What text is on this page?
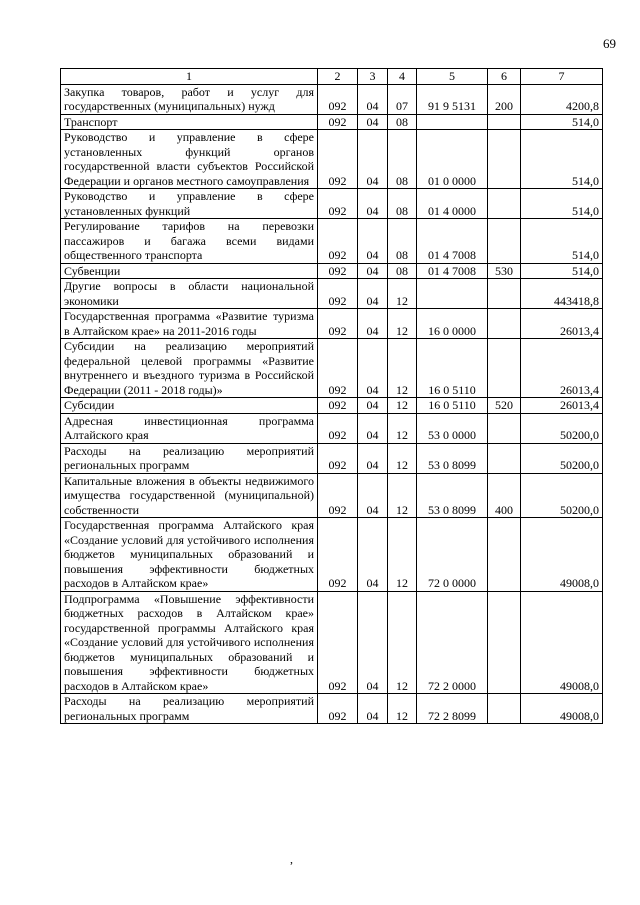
69
1	2	3	4	5	6	7
Закупка товаров, работ и услуг для государственных (муниципальных) нужд	092	04	07	91 9 5131	200	4200,8
Транспорт	092	04	08			514,0
Руководство и управление в сфере установленных функций органов государственной власти субъектов Российской Федерации и органов местного самоуправления	092	04	08	01 0 0000		514,0
Руководство и управление в сфере установленных функций	092	04	08	01 4 0000		514,0
Регулирование тарифов на перевозки пассажиров и багажа всеми видами общественного транспорта	092	04	08	01 4 7008		514,0
Субвенции	092	04	08	01 4 7008	530	514,0
Другие вопросы в области национальной экономики	092	04	12			443418,8
Государственная программа «Развитие туризма в Алтайском крае» на 2011-2016 годы	092	04	12	16 0 0000		26013,4
Субсидии на реализацию мероприятий федеральной целевой программы «Развитие внутреннего и въездного туризма в Российской Федерации (2011 - 2018 годы)»	092	04	12	16 0 5110		26013,4
Субсидии	092	04	12	16 0 5110	520	26013,4
Адресная инвестиционная программа Алтайского края	092	04	12	53 0 0000		50200,0
Расходы на реализацию мероприятий региональных программ	092	04	12	53 0 8099		50200,0
Капитальные вложения в объекты недвижимого имущества государственной (муниципальной) собственности	092	04	12	53 0 8099	400	50200,0
Государственная программа Алтайского края «Создание условий для устойчивого исполнения бюджетов муниципальных образований и повышения эффективности бюджетных расходов в Алтайском крае»	092	04	12	72 0 0000		49008,0
Подпрограмма «Повышение эффективности бюджетных расходов в Алтайском крае» государственной программы Алтайского края «Создание условий для устойчивого исполнения бюджетов муниципальных образований и повышения эффективности бюджетных расходов в Алтайском крае»	092	04	12	72 2 0000		49008,0
Расходы на реализацию мероприятий региональных программ	092	04	12	72 2 8099		49008,0
,
